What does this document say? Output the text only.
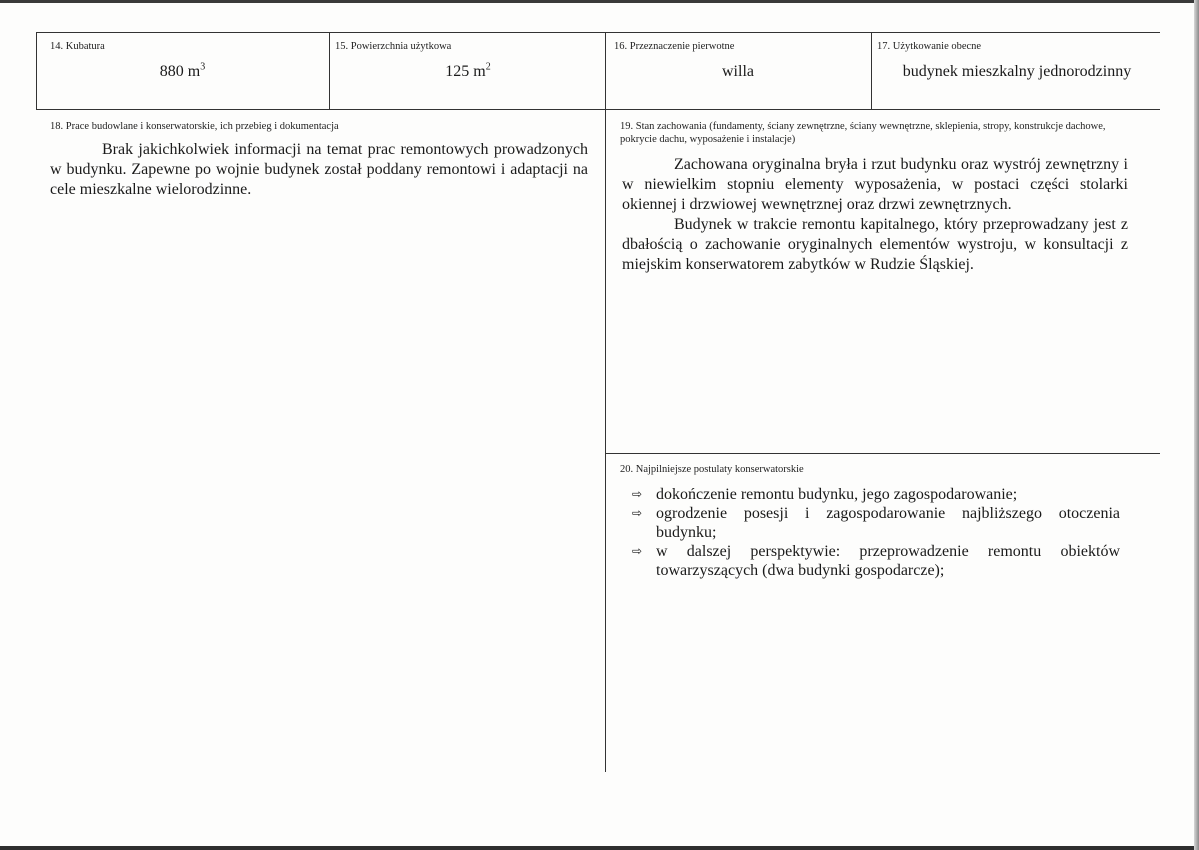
14. Kubatura
880 $m^3$
15. Powierzchnia użytkowa
125 $m^2$
16. Przeznaczenie pierwotne
willa
17. Użytkowanie obecne
budynek mieszkalny jednorodzinny
18. Prace budowlane i konserwatorskie, ich przebieg i dokumentacja

Brak jakichkolwiek informacji na temat prac remontowych prowadzonych w budynku. Zapewne po wojnie budynek został poddany remontowi i adaptacji na cele mieszkalne wielorodzinne.

19. Stan zachowania (fundamenty, ściany zewnętrzne, ściany wewnętrzne, sklepienia, stropy, konstrukcje dachowe, pokrycie dachu, wyposażenie i instalacje)

Zachowana oryginalna bryła i rzut budynku oraz wystrój zewnętrzny i w niewielkim stopniu elementy wyposażenia, w postaci części stolarki okiennej i drzwiowej wewnętrznej oraz drzwi zewnętrznych.

Budynek w trakcie remontu kapitalnego, który przeprowadzany jest z dbałością o zachowanie oryginalnych elementów wystroju, w konsultacji z miejskim konserwatorem zabytków w Rudzie Śląskiej.

20. Najpilniejsze postulaty konserwatorskie
⇨ dokończenie remontu budynku, jego zagospodarowanie;
⇨ ogrodzenie posesji i zagospodarowanie najbliższego otoczenia budynku;
⇨ w dalszej perspektywie: przeprowadzenie remontu obiektów towarzyszących (dwa budynki gospodarcze);
